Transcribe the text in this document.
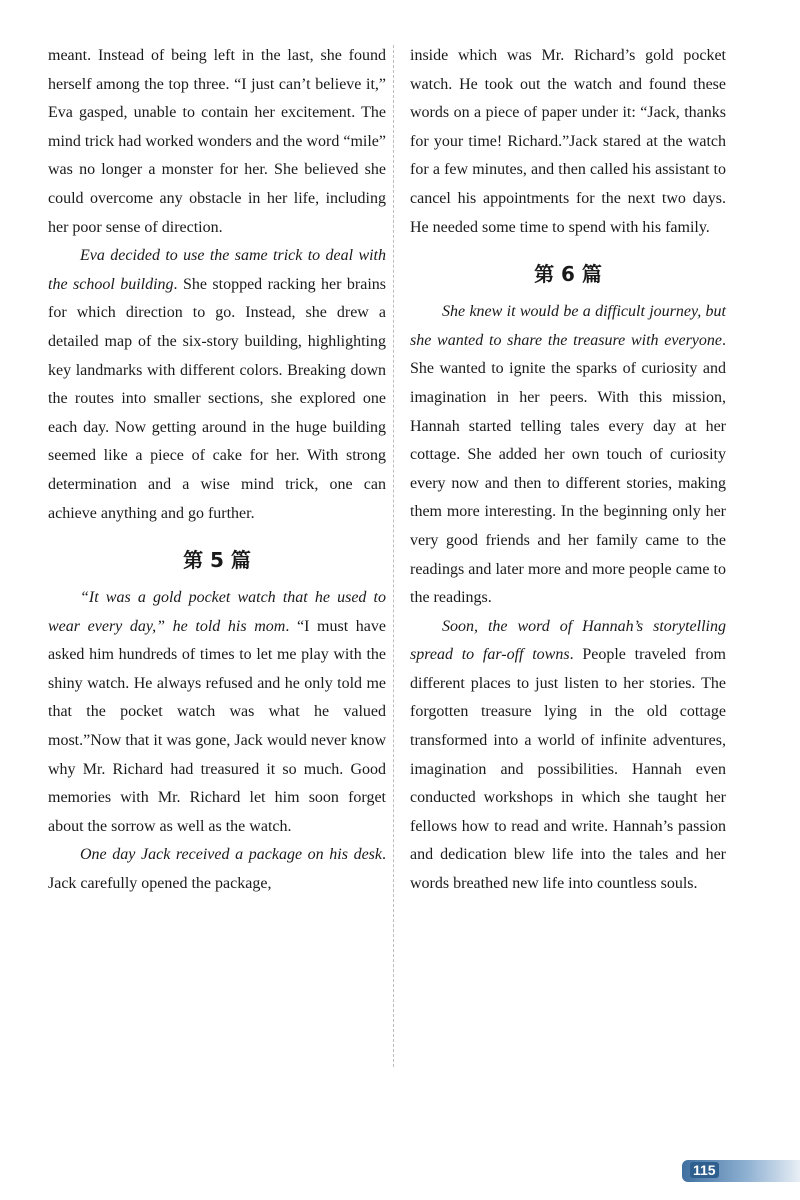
meant. Instead of being left in the last, she found herself among the top three. “I just can’t believe it,” Eva gasped, unable to contain her excitement. The mind trick had worked wonders and the word “mile” was no longer a monster for her. She believed she could overcome any obstacle in her life, including her poor sense of direction.

Eva decided to use the same trick to deal with the school building. She stopped racking her brains for which direction to go. Instead, she drew a detailed map of the six-story building, highlighting key landmarks with different colors. Breaking down the routes into smaller sections, she explored one each day. Now getting around in the huge building seemed like a piece of cake for her. With strong determination and a wise mind trick, one can achieve anything and go further.

第 5 篇

“It was a gold pocket watch that he used to wear every day,” he told his mom. “I must have asked him hundreds of times to let me play with the shiny watch. He always refused and he only told me that the pocket watch was what he valued most.”Now that it was gone, Jack would never know why Mr. Richard had treasured it so much. Good memories with Mr. Richard let him soon forget about the sorrow as well as the watch.

One day Jack received a package on his desk. Jack carefully opened the package,

inside which was Mr. Richard’s gold pocket watch. He took out the watch and found these words on a piece of paper under it: “Jack, thanks for your time! Richard.”Jack stared at the watch for a few minutes, and then called his assistant to cancel his appointments for the next two days. He needed some time to spend with his family.

第 6 篇

She knew it would be a difficult journey, but she wanted to share the treasure with everyone. She wanted to ignite the sparks of curiosity and imagination in her peers. With this mission, Hannah started telling tales every day at her cottage. She added her own touch of curiosity every now and then to different stories, making them more interesting. In the beginning only her very good friends and her family came to the readings and later more and more people came to the readings.

Soon, the word of Hannah’s storytelling spread to far-off towns. People traveled from different places to just listen to her stories. The forgotten treasure lying in the old cottage transformed into a world of infinite adventures, imagination and possibilities. Hannah even conducted workshops in which she taught her fellows how to read and write. Hannah’s passion and dedication blew life into the tales and her words breathed new life into countless souls.

115
